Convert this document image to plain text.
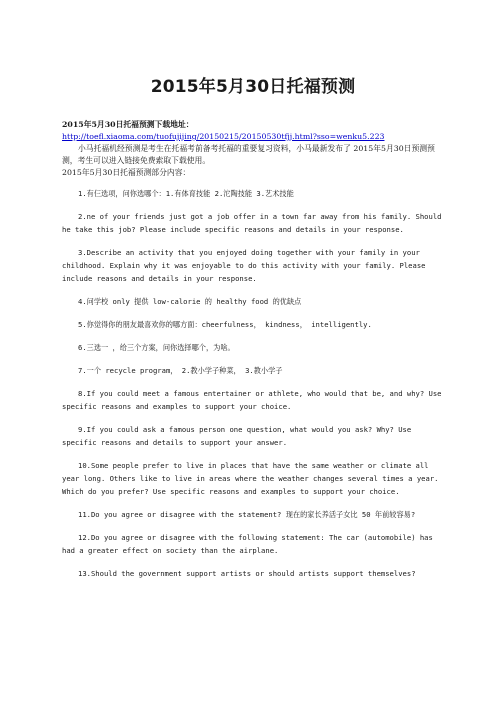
2015年5月30日托福预测

2015年5月30日托福预测下载地址：

http://toefl.xiaoma.com/tuofujijing/20150215/20150530tfjj.html?sso=wenku5.223

小马托福机经预测是考生在托福考前备考托福的重要复习资料，小马最新发布了 2015年5月30日预测预测，考生可以进入链接免费索取下载使用。

2015年5月30日托福预测部分内容：

1.有仨选项，问你选哪个：1.有体育技能 2.沱陶技能 3.艺术技能

2.ne of your friends just got a job offer in a town far away from his family. Should he take this job? Please include specific reasons and details in your response.

3.Describe an activity that you enjoyed doing together with your family in your childhood. Explain why it was enjoyable to do this activity with your family. Please include reasons and details in your response.

4.问学校 only 提供 low-calorie 的 healthy food 的优缺点

5.你觉得你的朋友最喜欢你的哪方面：cheerfulness， kindness， intelligently.

6.三选一 ，给三个方案，问你选择哪个，为啥。

7.一个 recycle program， 2.教小学子种菜， 3.教小学子

8.If you could meet a famous entertainer or athlete, who would that be, and why? Use specific reasons and examples to support your choice.

9.If you could ask a famous person one question, what would you ask? Why? Use specific reasons and details to support your answer.

10.Some people prefer to live in places that have the same weather or climate all year long. Others like to live in areas where the weather changes several times a year. Which do you prefer? Use specific reasons and examples to support your choice.

11.Do you agree or disagree with the statement? 现在的家长养活子女比 50 年前较容易?

12.Do you agree or disagree with the following statement: The car (automobile) has had a greater effect on society than the airplane.

13.Should the government support artists or should artists support themselves?
